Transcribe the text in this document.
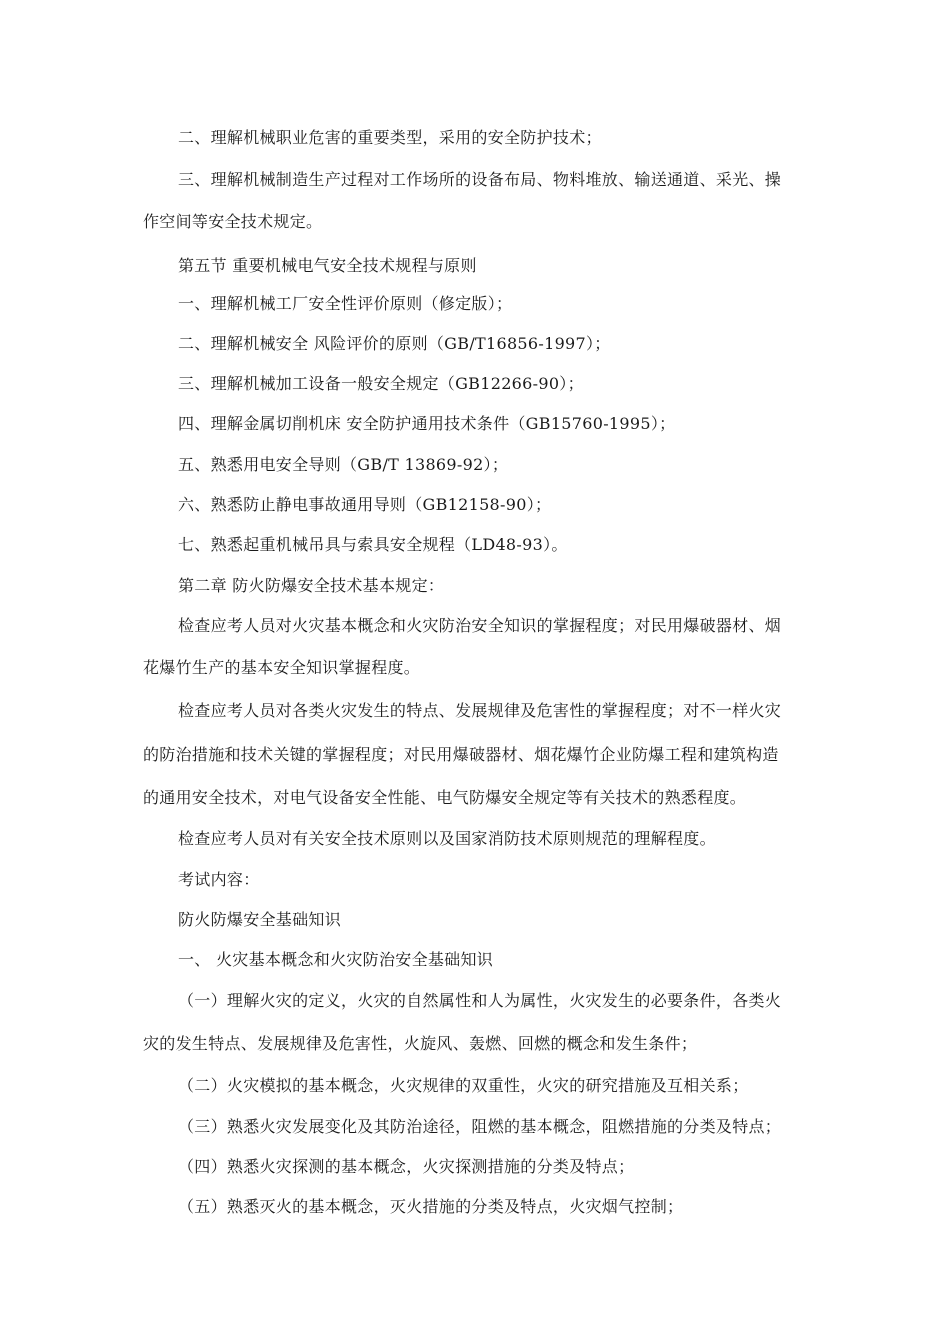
二、理解机械职业危害的重要类型，采用的安全防护技术；
三、理解机械制造生产过程对工作场所的设备布局、物料堆放、输送通道、采光、操
作空间等安全技术规定。
第五节 重要机械电气安全技术规程与原则
一、理解机械工厂安全性评价原则（修定版）；
二、理解机械安全 风险评价的原则（GB/T16856-1997）；
三、理解机械加工设备一般安全规定（GB12266-90）；
四、理解金属切削机床 安全防护通用技术条件（GB15760-1995）；
五、熟悉用电安全导则（GB/T 13869-92）；
六、熟悉防止静电事故通用导则（GB12158-90）；
七、熟悉起重机械吊具与索具安全规程（LD48-93）。
第二章 防火防爆安全技术基本规定：
检查应考人员对火灾基本概念和火灾防治安全知识的掌握程度；对民用爆破器材、烟
花爆竹生产的基本安全知识掌握程度。
检查应考人员对各类火灾发生的特点、发展规律及危害性的掌握程度；对不一样火灾
的防治措施和技术关键的掌握程度；对民用爆破器材、烟花爆竹企业防爆工程和建筑构造
的通用安全技术，对电气设备安全性能、电气防爆安全规定等有关技术的熟悉程度。
检查应考人员对有关安全技术原则以及国家消防技术原则规范的理解程度。
考试内容：
防火防爆安全基础知识
一、 火灾基本概念和火灾防治安全基础知识
（一）理解火灾的定义，火灾的自然属性和人为属性，火灾发生的必要条件，各类火
灾的发生特点、发展规律及危害性，火旋风、轰燃、回燃的概念和发生条件；
（二）火灾模拟的基本概念，火灾规律的双重性，火灾的研究措施及互相关系；
（三）熟悉火灾发展变化及其防治途径，阻燃的基本概念，阻燃措施的分类及特点；
（四）熟悉火灾探测的基本概念，火灾探测措施的分类及特点；
（五）熟悉灭火的基本概念，灭火措施的分类及特点，火灾烟气控制；
